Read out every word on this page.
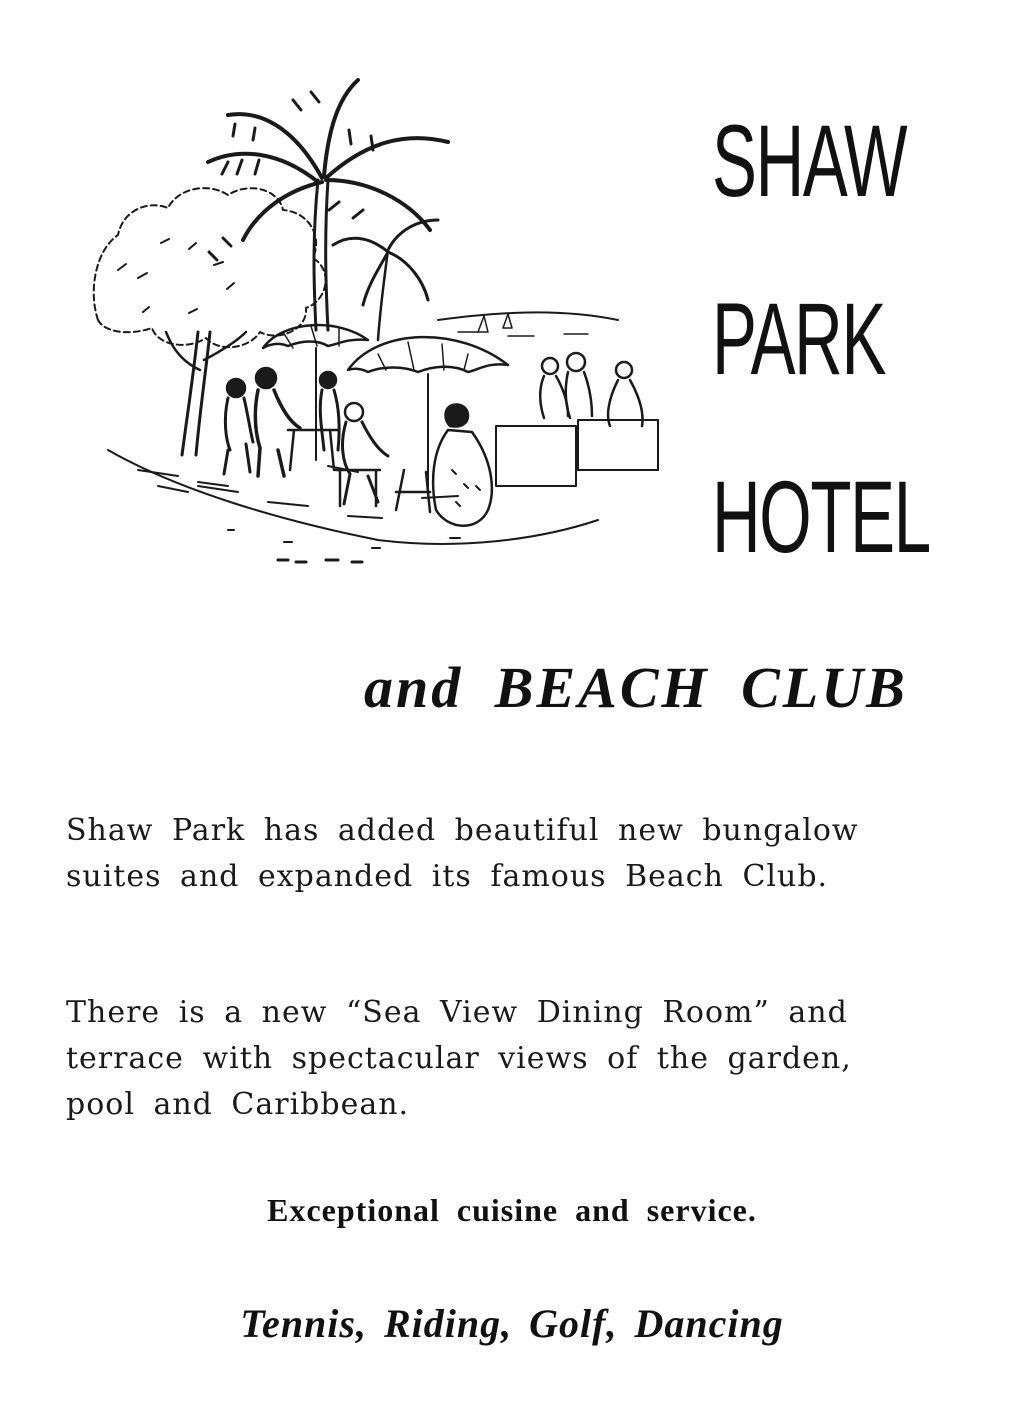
SHAW
PARK
HOTEL
and BEACH CLUB
Shaw Park has added beautiful new bungalow
suites and expanded its famous Beach Club.
There is a new “Sea View Dining Room” and
terrace with spectacular views of the garden,
pool and Caribbean.

Exceptional cuisine and service.

Tennis, Riding, Golf, Dancing
